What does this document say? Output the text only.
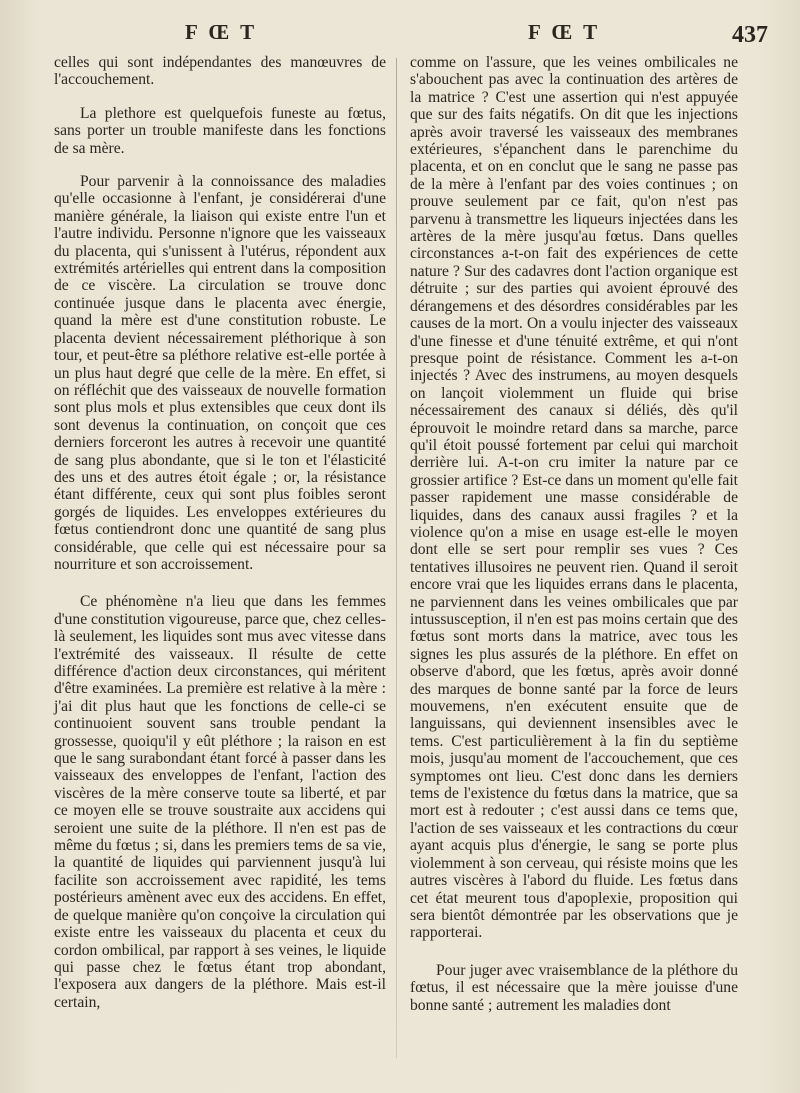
F Œ T	F Œ T	437

celles qui sont indépendantes des manœuvres de l'accouchement.

La plethore est quelquefois funeste au fœtus, sans porter un trouble manifeste dans les fonctions de sa mère.

Pour parvenir à la connoissance des maladies qu'elle occasionne à l'enfant, je considérerai d'une manière générale, la liaison qui existe entre l'un et l'autre individu. Personne n'ignore que les vaisseaux du placenta, qui s'unissent à l'utérus, répondent aux extrémités artérielles qui entrent dans la composition de ce viscère. La circulation se trouve donc continuée jusque dans le placenta avec énergie, quand la mère est d'une constitution robuste. Le placenta devient nécessairement pléthorique à son tour, et peut-être sa pléthore relative est-elle portée à un plus haut degré que celle de la mère. En effet, si on réfléchit que des vaisseaux de nouvelle formation sont plus mols et plus extensibles que ceux dont ils sont devenus la continuation, on conçoit que ces derniers forceront les autres à recevoir une quantité de sang plus abondante, que si le ton et l'élasticité des uns et des autres étoit égale ; or, la résistance étant différente, ceux qui sont plus foibles seront gorgés de liquides. Les enveloppes extérieures du fœtus contiendront donc une quantité de sang plus considérable, que celle qui est nécessaire pour sa nourriture et son accroissement.

Ce phénomène n'a lieu que dans les femmes d'une constitution vigoureuse, parce que, chez celles-là seulement, les liquides sont mus avec vitesse dans l'extrémité des vaisseaux. Il résulte de cette différence d'action deux circonstances, qui méritent d'être examinées. La première est relative à la mère : j'ai dit plus haut que les fonctions de celle-ci se continuoient souvent sans trouble pendant la grossesse, quoiqu'il y eût pléthore ; la raison en est que le sang surabondant étant forcé à passer dans les vaisseaux des enveloppes de l'enfant, l'action des viscères de la mère conserve toute sa liberté, et par ce moyen elle se trouve soustraite aux accidens qui seroient une suite de la pléthore. Il n'en est pas de même du fœtus ; si, dans les premiers tems de sa vie, la quantité de liquides qui parviennent jusqu'à lui facilite son accroissement avec rapidité, les tems postérieurs amènent avec eux des accidens. En effet, de quelque manière qu'on conçoive la circulation qui existe entre les vaisseaux du placenta et ceux du cordon ombilical, par rapport à ses veines, le liquide qui passe chez le fœtus étant trop abondant, l'exposera aux dangers de la pléthore. Mais est-il certain,

comme on l'assure, que les veines ombilicales ne s'abouchent pas avec la continuation des artères de la matrice ? C'est une assertion qui n'est appuyée que sur des faits négatifs. On dit que les injections après avoir traversé les vaisseaux des membranes extérieures, s'épanchent dans le parenchime du placenta, et on en conclut que le sang ne passe pas de la mère à l'enfant par des voies continues ; on prouve seulement par ce fait, qu'on n'est pas parvenu à transmettre les liqueurs injectées dans les artères de la mère jusqu'au fœtus. Dans quelles circonstances a-t-on fait des expériences de cette nature ? Sur des cadavres dont l'action organique est détruite ; sur des parties qui avoient éprouvé des dérangemens et des désordres considérables par les causes de la mort. On a voulu injecter des vaisseaux d'une finesse et d'une ténuité extrême, et qui n'ont presque point de résistance. Comment les a-t-on injectés ? Avec des instrumens, au moyen desquels on lançoit violemment un fluide qui brise nécessairement des canaux si déliés, dès qu'il éprouvoit le moindre retard dans sa marche, parce qu'il étoit poussé fortement par celui qui marchoit derrière lui. A-t-on cru imiter la nature par ce grossier artifice ? Est-ce dans un moment qu'elle fait passer rapidement une masse considérable de liquides, dans des canaux aussi fragiles ? et la violence qu'on a mise en usage est-elle le moyen dont elle se sert pour remplir ses vues ? Ces tentatives illusoires ne peuvent rien. Quand il seroit encore vrai que les liquides errans dans le placenta, ne parviennent dans les veines ombilicales que par intussusception, il n'en est pas moins certain que des fœtus sont morts dans la matrice, avec tous les signes les plus assurés de la pléthore. En effet on observe d'abord, que les fœtus, après avoir donné des marques de bonne santé par la force de leurs mouvemens, n'en exécutent ensuite que de languissans, qui deviennent insensibles avec le tems. C'est particulièrement à la fin du septième mois, jusqu'au moment de l'accouchement, que ces symptomes ont lieu. C'est donc dans les derniers tems de l'existence du fœtus dans la matrice, que sa mort est à redouter ; c'est aussi dans ce tems que, l'action de ses vaisseaux et les contractions du cœur ayant acquis plus d'énergie, le sang se porte plus violemment à son cerveau, qui résiste moins que les autres viscères à l'abord du fluide. Les fœtus dans cet état meurent tous d'apoplexie, proposition qui sera bientôt démontrée par les observations que je rapporterai.

Pour juger avec vraisemblance de la pléthore du fœtus, il est nécessaire que la mère jouisse d'une bonne santé ; autrement les maladies dont
